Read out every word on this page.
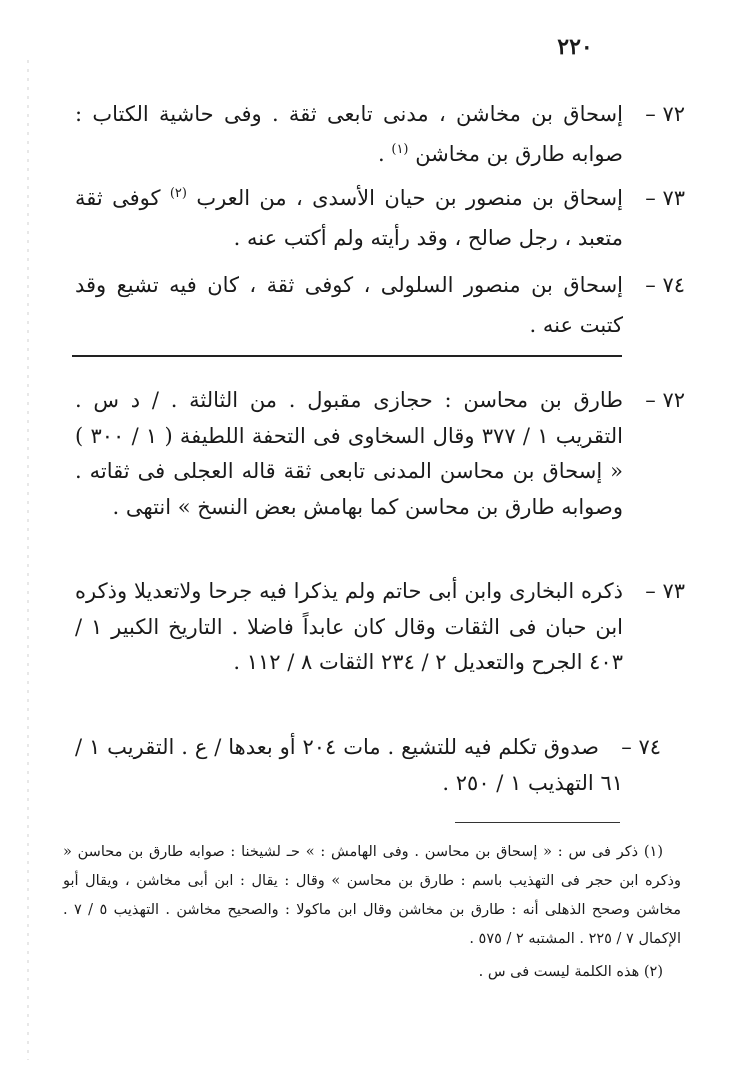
٢٢٠
٧٢ –
إسحاق بن مخاشن ، مدنى تابعى ثقة . وفى حاشية الكتاب : صوابه طارق بن مخاشن $^{(١)}$ .
٧٣ –
إسحاق بن منصور بن حيان الأسدى ، من العرب $^{(٢)}$ كوفى ثقة متعبد ، رجل صالح ، وقد رأيته ولم أكتب عنه .
٧٤ –
إسحاق بن منصور السلولى ، كوفى ثقة ، كان فيه تشيع وقد كتبت عنه .
٧٢ –
طارق بن محاسن : حجازى مقبول . من الثالثة . / د س . التقريب ١ / ٣٧٧ وقال السخاوى فى التحفة اللطيفة ( ١ / ٣٠٠ ) « إسحاق بن محاسن المدنى تابعى ثقة قاله العجلى فى ثقاته . وصوابه طارق بن محاسن كما بهامش بعض النسخ » انتهى .
٧٣ –
ذكره البخارى وابن أبى حاتم ولم يذكرا فيه جرحا ولاتعديلا وذكره ابن حبان فى الثقات وقال كان عابداً فاضلا . التاريخ الكبير ١ / ٤٠٣ الجرح والتعديل ٢ / ٢٣٤ الثقات ٨ / ١١٢ .
٧٤ –
صدوق تكلم فيه للتشيع . مات ٢٠٤ أو بعدها / ع . التقريب ١ / ٦١ التهذيب ١ / ٢٥٠ .

(١) ذكر فى س : « إسحاق بن محاسن . وفى الهامش : » حـ لشيخنا : صوابه طارق بن محاسن « وذكره ابن حجر فى التهذيب باسم : طارق بن محاسن » وقال : يقال : ابن أبى مخاشن ، ويقال أبو مخاشن وصحح الذهلى أنه : طارق بن مخاشن وقال ابن ماكولا : والصحيح مخاشن . التهذيب ٥ / ٧ . الإكمال ٧ / ٢٢٥ . المشتبه ٢ / ٥٧٥ .

(٢) هذه الكلمة ليست فى س .
